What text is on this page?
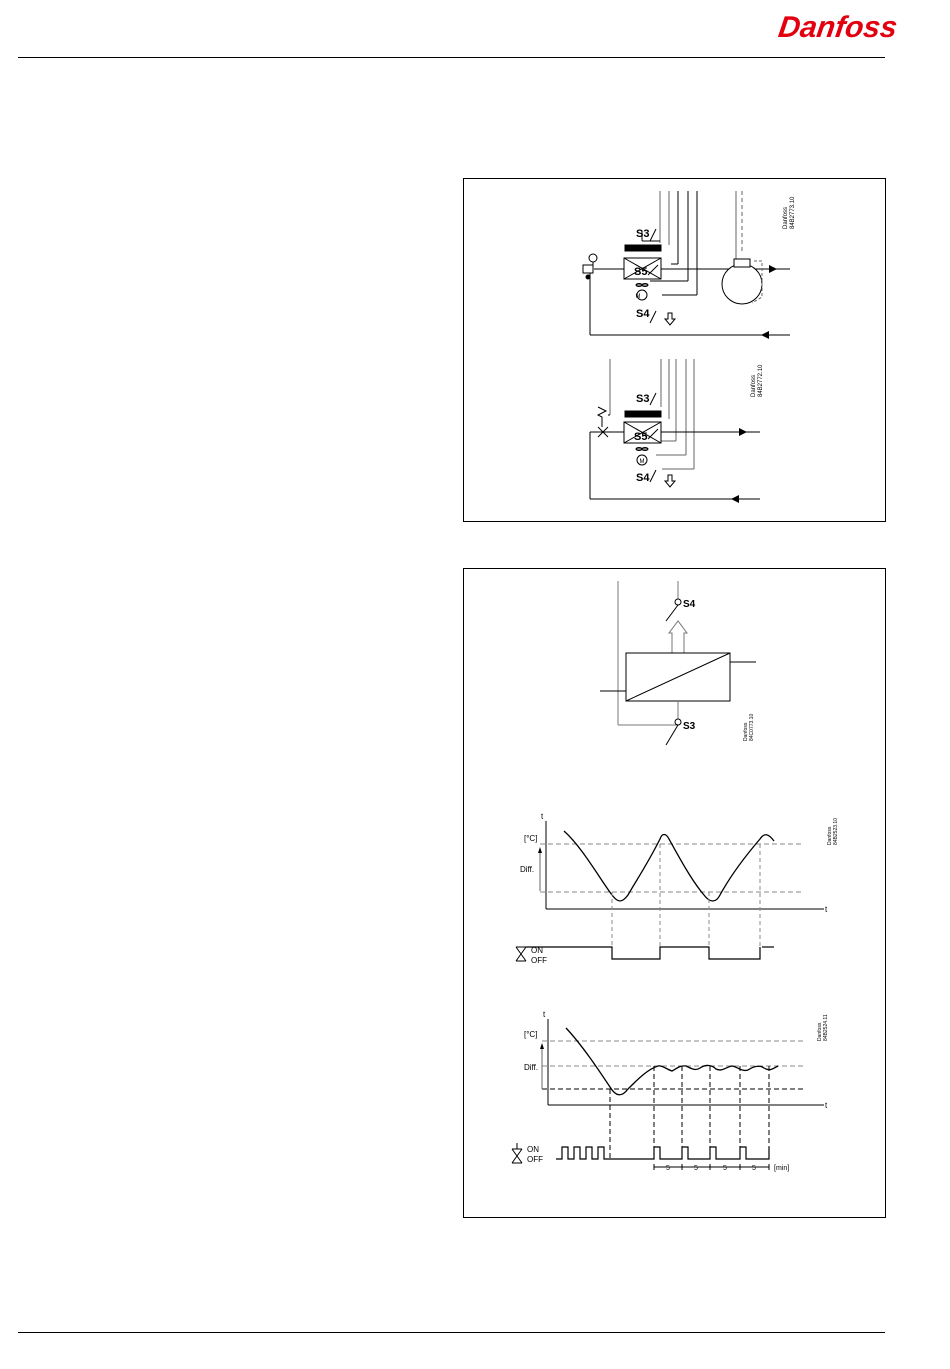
Danfoss
S3
S5
M
S4
Danfoss 84B2773.10
S3
S5
M
S4
Danfoss 84B2772.10
S4
S3	Danfoss 84C0773.10
t
[°C]
Diff.
t
ON
OFF
Danfoss 84B2523.10
t
[°C]
Diff.
t
ON
OFF
5	5	5	5	[min]
Danfoss 84B2524.11
